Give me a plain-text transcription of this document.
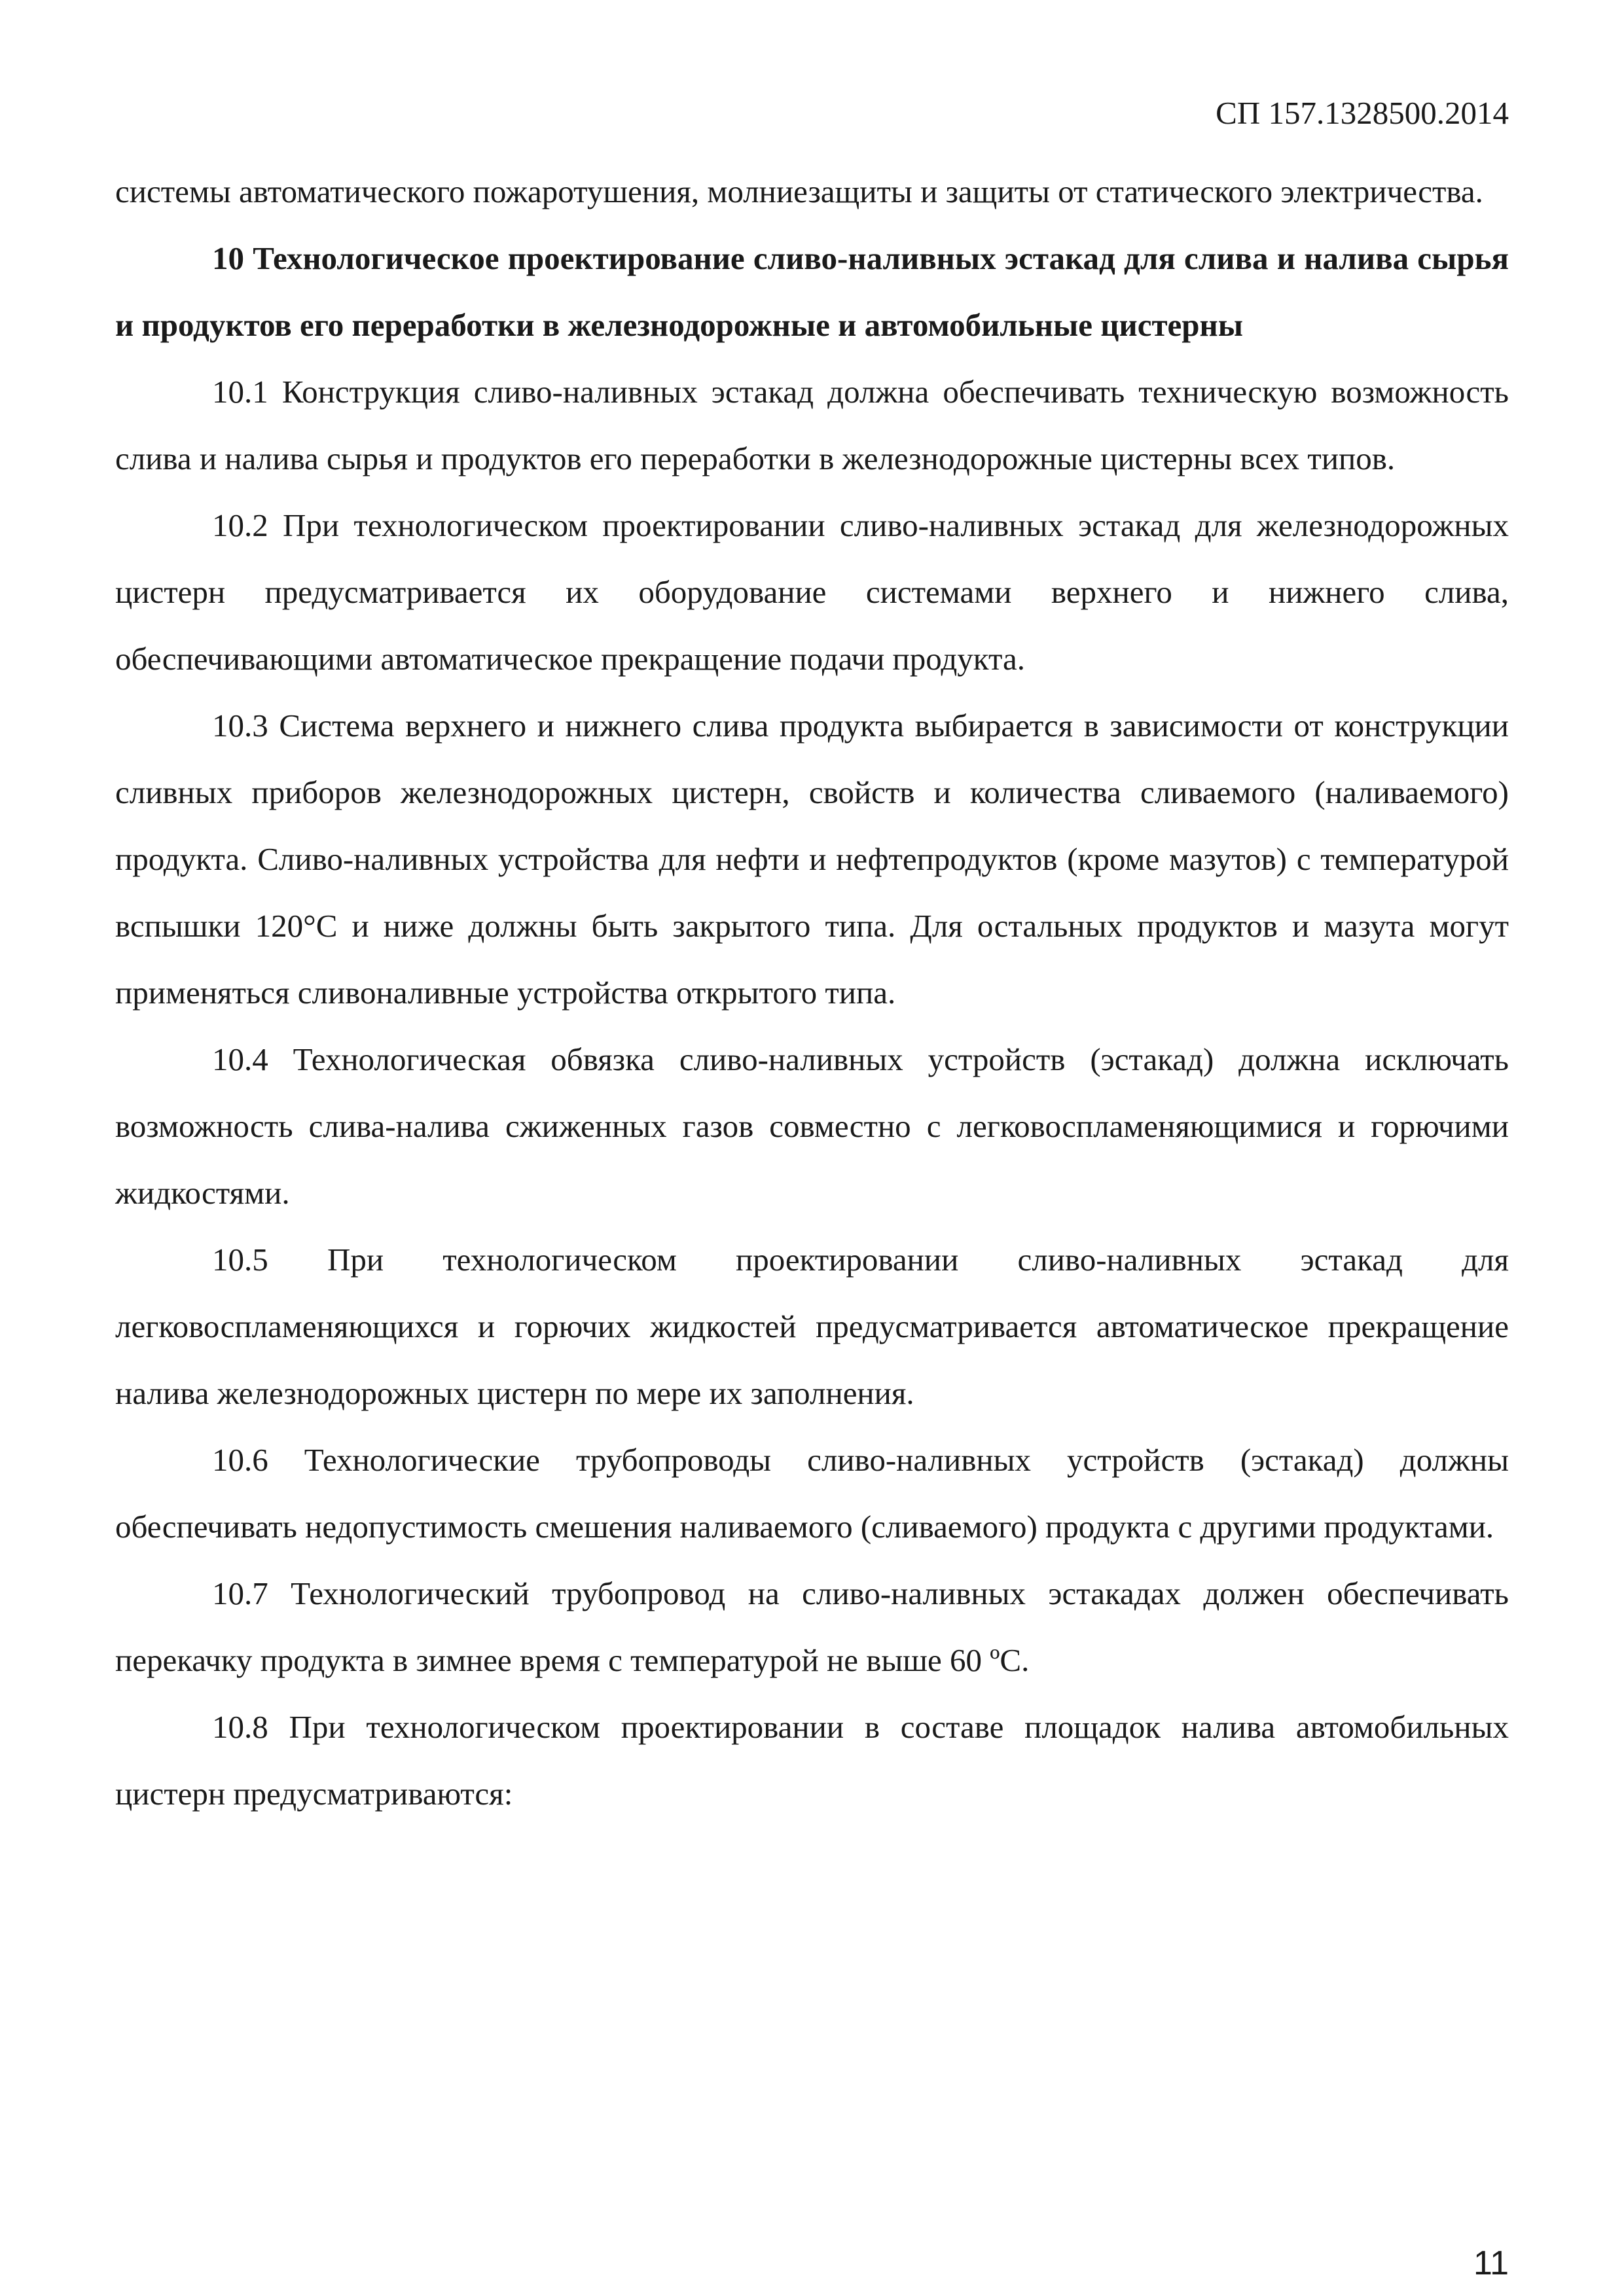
СП 157.1328500.2014

системы автоматического пожаротушения, молниезащиты и защиты от статического электричества.

10 Технологическое проектирование сливо-наливных эстакад для слива и налива сырья и продуктов его переработки в железнодорожные и автомобильные цистерны

10.1 Конструкция сливо-наливных эстакад должна обеспечивать техническую возможность слива и налива сырья и продуктов его переработки в железнодорожные цистерны всех типов.

10.2 При технологическом проектировании сливо-наливных эстакад для железнодорожных цистерн предусматривается их оборудование системами верхнего и нижнего слива, обеспечивающими автоматическое прекращение подачи продукта.

10.3 Система верхнего и нижнего слива продукта выбирается в зависимости от конструкции сливных приборов железнодорожных цистерн, свойств и количества сливаемого (наливаемого) продукта. Сливо-наливных устройства для нефти и нефтепродуктов (кроме мазутов) с температурой вспышки 120°С и ниже должны быть закрытого типа. Для остальных продуктов и мазута могут применяться сливоналивные устройства открытого типа.

10.4 Технологическая обвязка сливо-наливных устройств (эстакад) должна исключать возможность слива-налива сжиженных газов совместно с легковоспламеняющимися и горючими жидкостями.

10.5 При технологическом проектировании сливо-наливных эстакад для легковоспламеняющихся и горючих жидкостей предусматривается автоматическое прекращение налива железнодорожных цистерн по мере их заполнения.

10.6 Технологические трубопроводы сливо-наливных устройств (эстакад) должны обеспечивать недопустимость смешения наливаемого (сливаемого) продукта с другими продуктами.

10.7 Технологический трубопровод на сливо-наливных эстакадах должен обеспечивать перекачку продукта в зимнее время с температурой не выше 60 ºС.

10.8 При технологическом проектировании в составе площадок налива автомобильных цистерн предусматриваются:

11
